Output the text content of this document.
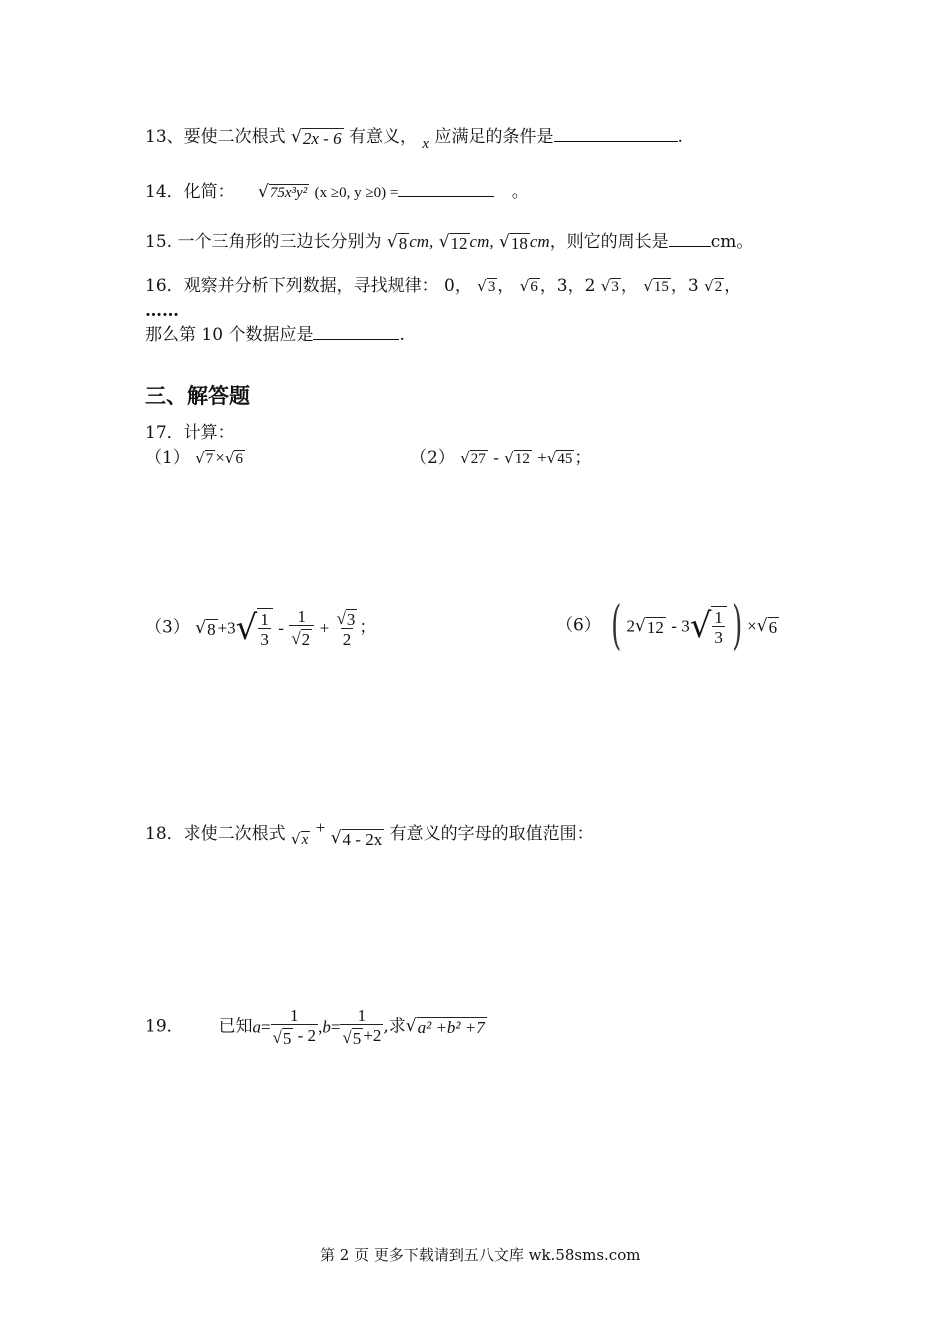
13、要使二次根式 √2x - 6 有意义， x 应满足的条件是	.
14．化简： √75x³y² (x ≥0, y ≥0) =	。
15. 一个三角形的三边长分别为 √8 cm, √12 cm, √18 cm，则它的周长是 cm。
16．观察并分析下列数据，寻找规律： 0， √3 ， √6 ，3，2 √3 ， √15 ，3 √2 ，
……
那么第 10 个数据应是	.
三、解答题
17．计算：
（1） √7 ×√6	（2） √27 - √12 +√45 ；
（3） $√8 +3√ \frac{1}{3} - \frac{1}{√2} + \frac{√3}{2}$ ；	（6） ( $2√12 - 3√ \frac{1}{3}$ ) ×√6
18．求使二次根式 √x + √4 - 2x 有意义的字母的取值范围：
19． 已知$a= \frac{1}{√5 - 2} ,b= \frac{1}{√5 +2}$ ,求√a² +b² +7
第 2 页 更多下载请到五八文库 wk.58sms.com
